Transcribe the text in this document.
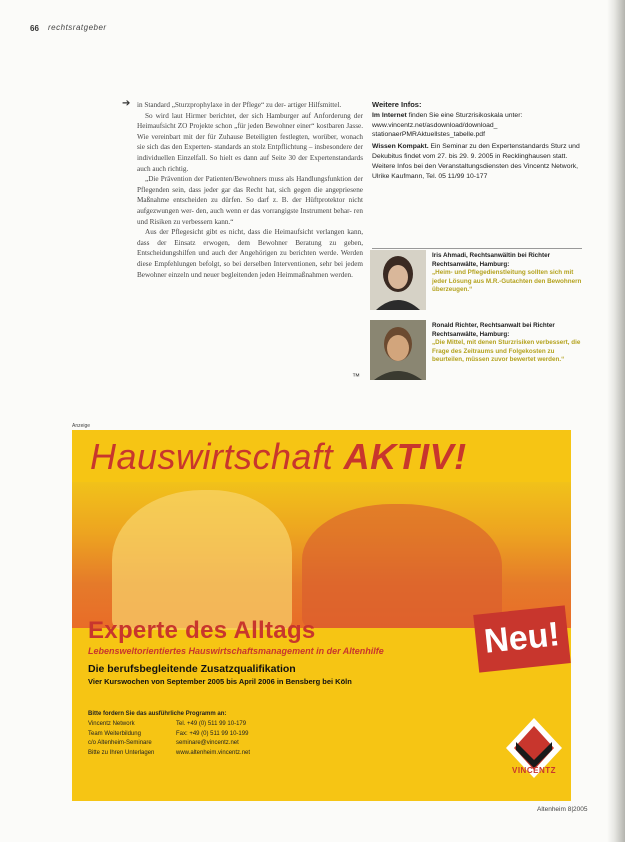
66 rechtsratgeber
➔ in Standard „Sturzprophylaxe in der Pflege“ zu der- artiger Hilfsmittel.

So wird laut Hirmer berichtet, der sich Hamburger auf Anforderung der Heimaufsicht ZO Projekte schon „für jeden Bewohner einer“ kostbaren Jasse. Wie vereinbart mit der für Zuhause Beteiligten festlegten, worüber, wonach sie sich das den Experten- standards an stolz Entpflichtung – insbesondere der individuellen Einzelfall. So hielt es dann auf Seite 30 der Expertenstandards auch auch richtig.

„Die Prävention der Patienten/Bewohners muss als Handlungsfunktion der Pflegenden sein, dass jeder gar das Recht hat, sich gegen die angepriesene Maßnahme entscheiden zu dürfen. So darf z. B. der Hüftprotektor nicht aufgezwungen wer- den, auch wenn er das vorrangigste Instrument behar- ren und Risiken zu verbessern kann.“

Aus der Pflegesicht gibt es nicht, dass die Heimaufsicht verlangen kann, dass der Einsatz erwogen, dem Bewohner Beratung zu geben, Entscheidungshilfen und auch der Angehörigen zu berichten werde. Werden diese Empfehlungen befolgt, so bei derselben Interventionen, sehr bei jedem Bewohner einzeln und neuer begleitenden jeden Heimmaßnahmen werden.

™
Weitere Infos:

Im Internet finden Sie eine Sturzrisikoskala unter: www.vincentz.net/asdownload/download_ stationaerPMRAktuellstes_tabelle.pdf

Wissen Kompakt. Ein Seminar zu den Expertenstandards Sturz und Dekubitus findet vom 27. bis 29. 9. 2005 in Recklinghausen statt. Weitere Infos bei den Veranstaltungsdiensten des Vincentz Network, Ulrike Kaufmann, Tel. 05 11/99 10-177

Iris Ahmadi, Rechtsanwältin bei Richter Rechtsanwälte, Hamburg:
„Heim- und Pflegedienstleitung sollten sich mit jeder Lösung aus M.R.-Gutachten den Bewohnern überzeugen.“
Ronald Richter, Rechtsanwalt bei Richter Rechtsanwälte, Hamburg:
„Die Mittel, mit denen Sturzrisiken verbessert, die Frage des Zeitraums und Folgekosten zu beurteilen, müssen zuvor bewertet werden.“
Anzeige
Hauswirtschaft AKTIV!
Experte des Alltags	Neu!
Lebensweltorientiertes Hauswirtschaftsmanagement in der Altenhilfe
Die berufsbegleitende Zusatzqualifikation
Vier Kurswochen von September 2005 bis April 2006 in Bensberg bei Köln
Bitte fordern Sie das ausführliche Programm an:
Vincentz Network	Tel. +49 (0) 511 99 10-179
Team Weiterbildung	Fax: +49 (0) 511 99 10-199
c/o Altenheim-Seminare	seminare@vincentz.net
Bitte zu Ihren Unterlagen	www.altenheim.vincentz.net
VINCENTZ
Altenheim 8|2005
